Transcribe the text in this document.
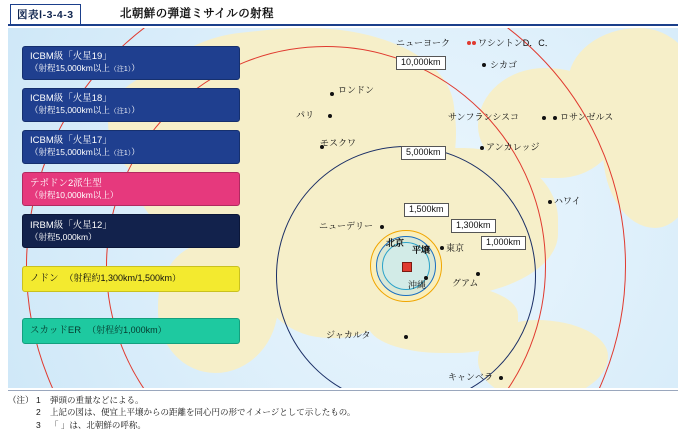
図表Ⅰ-3-4-3	北朝鮮の弾道ミサイルの射程
10,000km
5,000km
1,500km
1,300km
1,000km
ニューヨーク	ワシントンD．C．
シカゴ
ロンドン
パリ	サンフランシスコ	ロサンゼルス
モスクワ	アンカレッジ
ハワイ
ニューデリー
北京
平壌 東京
沖縄	グアム
ジャカルタ
キャンベラ
ICBM級「火星19」
（射程15,000km以上（注1））
ICBM級「火星18」
（射程15,000km以上（注1））
ICBM級「火星17」
（射程15,000km以上（注1））
テポドン2派生型
（射程10,000km以上）
IRBM級「火星12」
（射程5,000km）
ノドン （射程約1,300km/1,500km）
スカッドER （射程約1,000km）
（注） 1	弾頭の重量などによる。
2	上記の図は、便宜上平壌からの距離を同心円の形でイメージとして示したもの。
3	「 」は、北朝鮮の呼称。
